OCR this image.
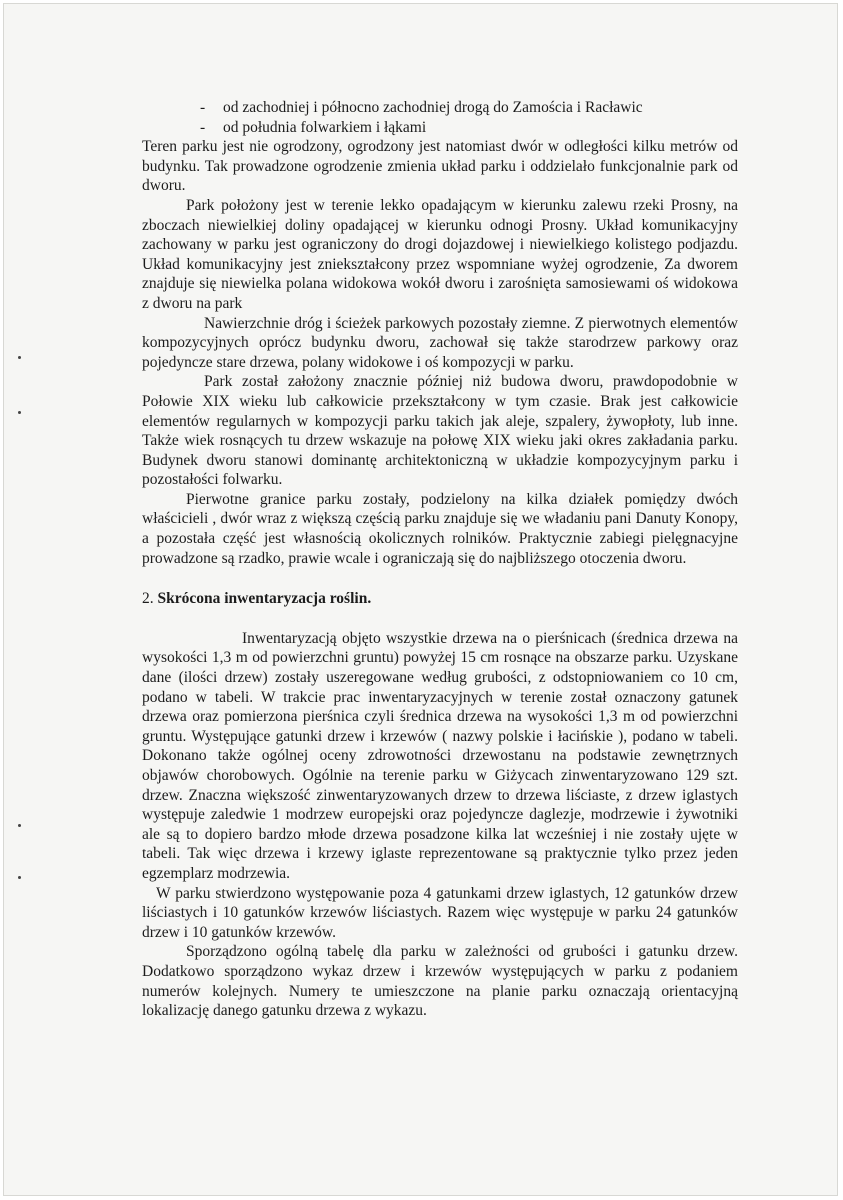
-	od zachodniej i północno zachodniej drogą do Zamościa i Racławic
-	od południa folwarkiem i łąkami

Teren parku jest nie ogrodzony, ogrodzony jest natomiast dwór w odległości kilku metrów od budynku. Tak prowadzone ogrodzenie zmienia układ parku i oddzielało funkcjonalnie park od dworu.

Park położony jest w terenie lekko opadającym w kierunku zalewu rzeki Prosny, na zboczach niewielkiej doliny opadającej w kierunku odnogi Prosny. Układ komunikacyjny zachowany w parku jest ograniczony do drogi dojazdowej i niewielkiego kolistego podjazdu. Układ komunikacyjny jest zniekształcony przez wspomniane wyżej ogrodzenie, Za dworem znajduje się niewielka polana widokowa wokół dworu i zarośnięta samosiewami oś widokowa z dworu na park

Nawierzchnie dróg i ścieżek parkowych pozostały ziemne. Z pierwotnych elementów kompozycyjnych oprócz budynku dworu, zachował się także starodrzew parkowy oraz pojedyncze stare drzewa, polany widokowe i oś kompozycji w parku.

Park został założony znacznie później niż budowa dworu, prawdopodobnie w Połowie XIX wieku lub całkowicie przekształcony w tym czasie. Brak jest całkowicie elementów regularnych w kompozycji parku takich jak aleje, szpalery, żywopłoty, lub inne. Także wiek rosnących tu drzew wskazuje na połowę XIX wieku jaki okres zakładania parku. Budynek dworu stanowi dominantę architektoniczną w układzie kompozycyjnym parku i pozostałości folwarku.

Pierwotne granice parku zostały, podzielony na kilka działek pomiędzy dwóch właścicieli , dwór wraz z większą częścią parku znajduje się we władaniu pani Danuty Konopy, a pozostała część jest własnością okolicznych rolników. Praktycznie zabiegi pielęgnacyjne prowadzone są rzadko, prawie wcale i ograniczają się do najbliższego otoczenia dworu.

2. Skrócona inwentaryzacja roślin.

Inwentaryzacją objęto wszystkie drzewa na o pierśnicach (średnica drzewa na wysokości 1,3 m od powierzchni gruntu) powyżej 15 cm rosnące na obszarze parku. Uzyskane dane (ilości drzew) zostały uszeregowane według grubości, z odstopniowaniem co 10 cm, podano w tabeli. W trakcie prac inwentaryzacyjnych w terenie został oznaczony gatunek drzewa oraz pomierzona pierśnica czyli średnica drzewa na wysokości 1,3 m od powierzchni gruntu. Występujące gatunki drzew i krzewów ( nazwy polskie i łacińskie ), podano w tabeli. Dokonano także ogólnej oceny zdrowotności drzewostanu na podstawie zewnętrznych objawów chorobowych. Ogólnie na terenie parku w Giżycach zinwentaryzowano 129 szt. drzew. Znaczna większość zinwentaryzowanych drzew to drzewa liściaste, z drzew iglastych występuje zaledwie 1 modrzew europejski oraz pojedyncze daglezje, modrzewie i żywotniki ale są to dopiero bardzo młode drzewa posadzone kilka lat wcześniej i nie zostały ujęte w tabeli. Tak więc drzewa i krzewy iglaste reprezentowane są praktycznie tylko przez jeden egzemplarz modrzewia.

W parku stwierdzono występowanie poza 4 gatunkami drzew iglastych, 12 gatunków drzew liściastych i 10 gatunków krzewów liściastych. Razem więc występuje w parku 24 gatunków drzew i 10 gatunków krzewów.

Sporządzono ogólną tabelę dla parku w zależności od grubości i gatunku drzew. Dodatkowo sporządzono wykaz drzew i krzewów występujących w parku z podaniem numerów kolejnych. Numery te umieszczone na planie parku oznaczają orientacyjną lokalizację danego gatunku drzewa z wykazu.
